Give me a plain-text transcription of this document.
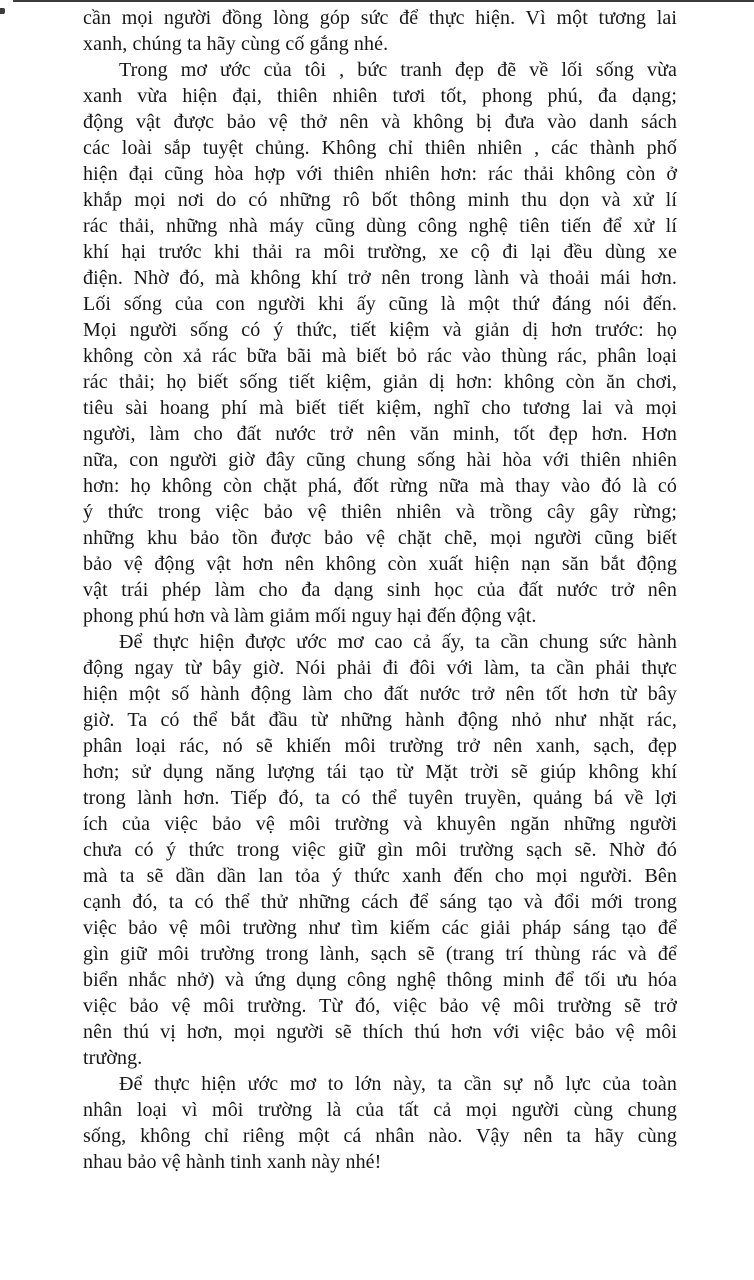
cần mọi người đồng lòng góp sức để thực hiện. Vì một tương lai
xanh, chúng ta hãy cùng cố gắng nhé.
Trong mơ ước của tôi , bức tranh đẹp đẽ về lối sống vừa
xanh vừa hiện đại, thiên nhiên tươi tốt, phong phú, đa dạng;
động vật được bảo vệ thở nên và không bị đưa vào danh sách
các loài sắp tuyệt chủng. Không chỉ thiên nhiên , các thành phố
hiện đại cũng hòa hợp với thiên nhiên hơn: rác thải không còn ở
khắp mọi nơi do có những rô bốt thông minh thu dọn và xử lí
rác thải, những nhà máy cũng dùng công nghệ tiên tiến để xử lí
khí hại trước khi thải ra môi trường, xe cộ đi lại đều dùng xe
điện. Nhờ đó, mà không khí trở nên trong lành và thoải mái hơn.
Lối sống của con người khi ấy cũng là một thứ đáng nói đến.
Mọi người sống có ý thức, tiết kiệm và giản dị hơn trước: họ
không còn xả rác bữa bãi mà biết bỏ rác vào thùng rác, phân loại
rác thải; họ biết sống tiết kiệm, giản dị hơn: không còn ăn chơi,
tiêu sài hoang phí mà biết tiết kiệm, nghĩ cho tương lai và mọi
người, làm cho đất nước trở nên văn minh, tốt đẹp hơn. Hơn
nữa, con người giờ đây cũng chung sống hài hòa với thiên nhiên
hơn: họ không còn chặt phá, đốt rừng nữa mà thay vào đó là có
ý thức trong việc bảo vệ thiên nhiên và trồng cây gây rừng;
những khu bảo tồn được bảo vệ chặt chẽ, mọi người cũng biết
bảo vệ động vật hơn nên không còn xuất hiện nạn săn bắt động
vật trái phép làm cho đa dạng sinh học của đất nước trở nên
phong phú hơn và làm giảm mối nguy hại đến động vật.
Để thực hiện được ước mơ cao cả ấy, ta cần chung sức hành
động ngay từ bây giờ. Nói phải đi đôi với làm, ta cần phải thực
hiện một số hành động làm cho đất nước trở nên tốt hơn từ bây
giờ. Ta có thể bắt đầu từ những hành động nhỏ như nhặt rác,
phân loại rác, nó sẽ khiến môi trường trở nên xanh, sạch, đẹp
hơn; sử dụng năng lượng tái tạo từ Mặt trời sẽ giúp không khí
trong lành hơn. Tiếp đó, ta có thể tuyên truyền, quảng bá về lợi
ích của việc bảo vệ môi trường và khuyên ngăn những người
chưa có ý thức trong việc giữ gìn môi trường sạch sẽ. Nhờ đó
mà ta sẽ dần dần lan tỏa ý thức xanh đến cho mọi người. Bên
cạnh đó, ta có thể thử những cách để sáng tạo và đổi mới trong
việc bảo vệ môi trường như tìm kiếm các giải pháp sáng tạo để
gìn giữ môi trường trong lành, sạch sẽ (trang trí thùng rác và để
biển nhắc nhở) và ứng dụng công nghệ thông minh để tối ưu hóa
việc bảo vệ môi trường. Từ đó, việc bảo vệ môi trường sẽ trở
nên thú vị hơn, mọi người sẽ thích thú hơn với việc bảo vệ môi
trường.
Để thực hiện ước mơ to lớn này, ta cần sự nỗ lực của toàn
nhân loại vì môi trường là của tất cả mọi người cùng chung
sống, không chỉ riêng một cá nhân nào. Vậy nên ta hãy cùng
nhau bảo vệ hành tinh xanh này nhé!
